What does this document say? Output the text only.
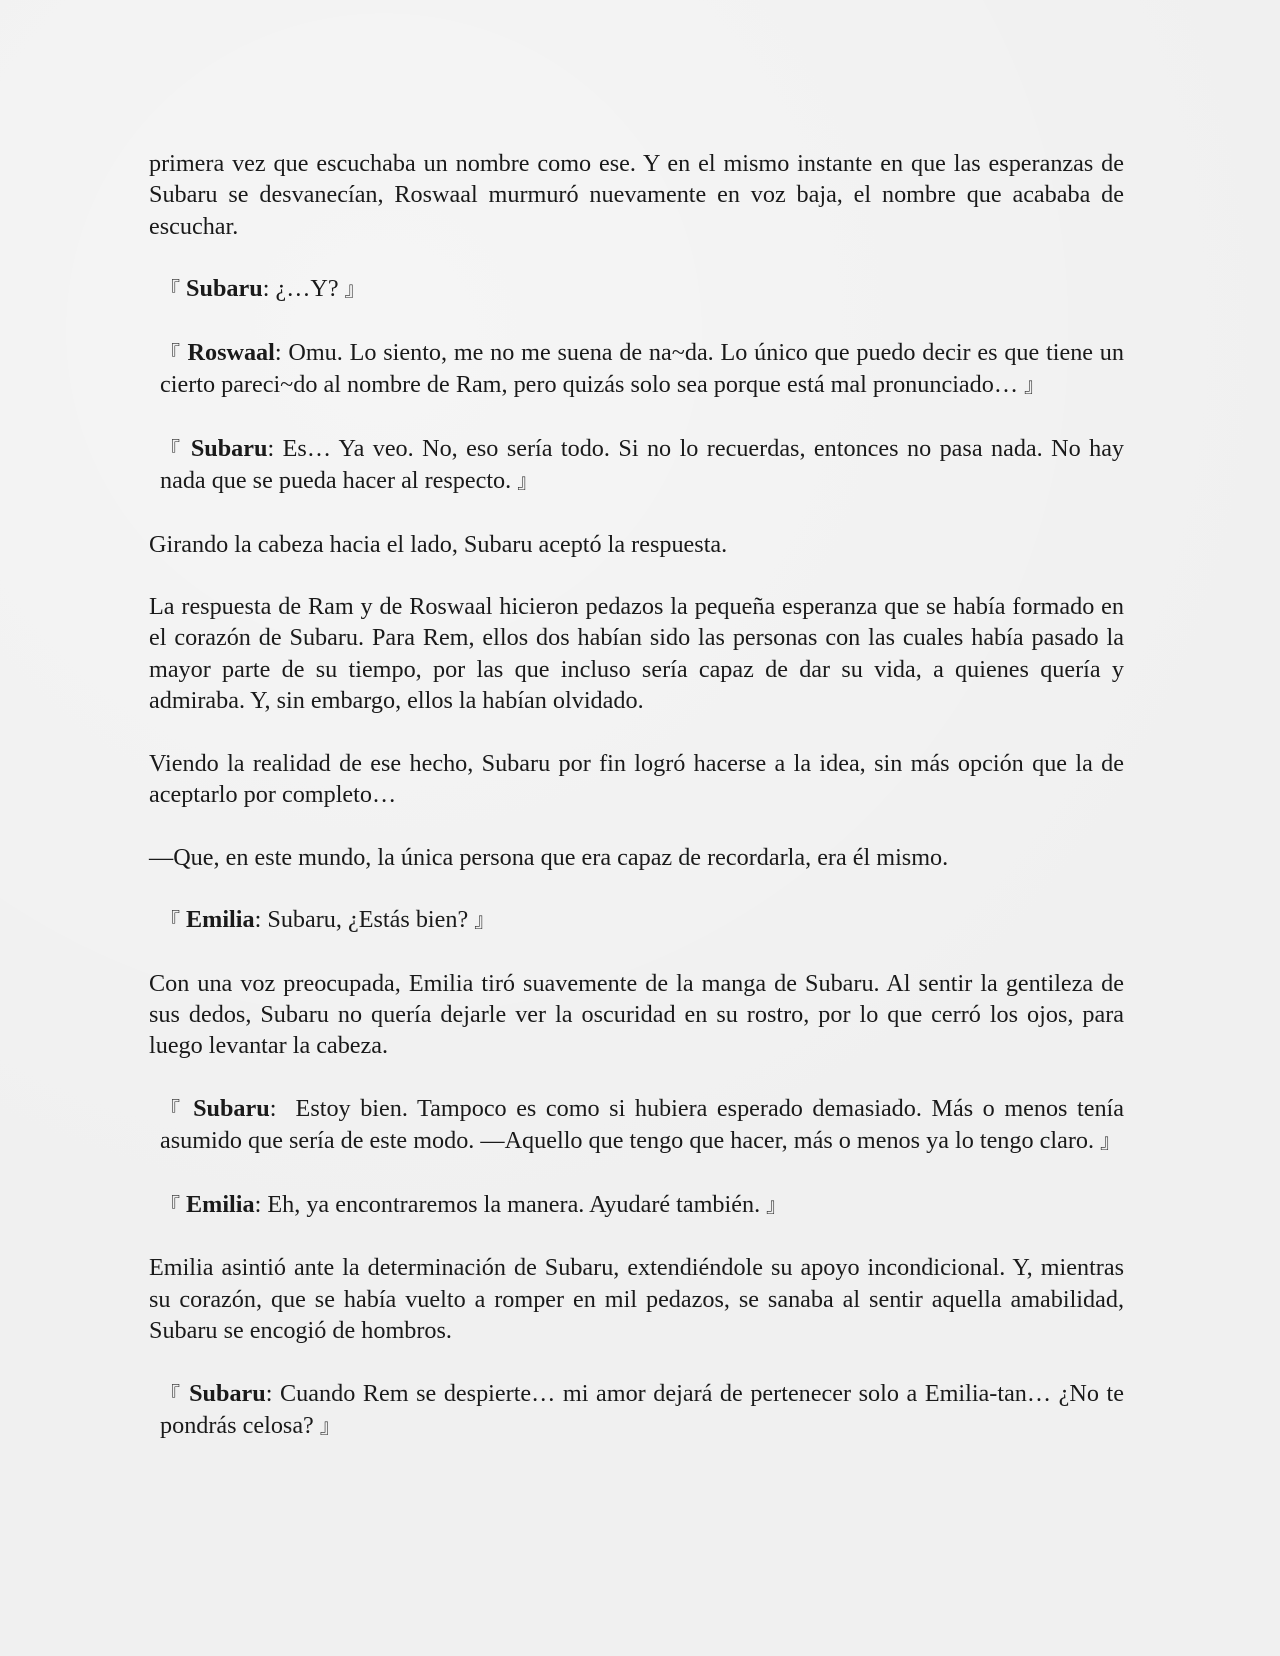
primera vez que escuchaba un nombre como ese. Y en el mismo instante en que las esperanzas de Subaru se desvanecían, Roswaal murmuró nuevamente en voz baja, el nombre que acababa de escuchar.

『 Subaru: ¿…Y? 』

『 Roswaal: Omu. Lo siento, me no me suena de na~da. Lo único que puedo decir es que tiene un cierto pareci~do al nombre de Ram, pero quizás solo sea porque está mal pronunciado… 』

『 Subaru: Es… Ya veo. No, eso sería todo. Si no lo recuerdas, entonces no pasa nada. No hay nada que se pueda hacer al respecto. 』

Girando la cabeza hacia el lado, Subaru aceptó la respuesta.

La respuesta de Ram y de Roswaal hicieron pedazos la pequeña esperanza que se había formado en el corazón de Subaru. Para Rem, ellos dos habían sido las personas con las cuales había pasado la mayor parte de su tiempo, por las que incluso sería capaz de dar su vida, a quienes quería y admiraba. Y, sin embargo, ellos la habían olvidado.

Viendo la realidad de ese hecho, Subaru por fin logró hacerse a la idea, sin más opción que la de aceptarlo por completo…

—Que, en este mundo, la única persona que era capaz de recordarla, era él mismo.

『 Emilia: Subaru, ¿Estás bien? 』

Con una voz preocupada, Emilia tiró suavemente de la manga de Subaru. Al sentir la gentileza de sus dedos, Subaru no quería dejarle ver la oscuridad en su rostro, por lo que cerró los ojos, para luego levantar la cabeza.

『 Subaru:  Estoy bien. Tampoco es como si hubiera esperado demasiado. Más o menos tenía asumido que sería de este modo. —Aquello que tengo que hacer, más o menos ya lo tengo claro. 』

『 Emilia: Eh, ya encontraremos la manera. Ayudaré también. 』

Emilia asintió ante la determinación de Subaru, extendiéndole su apoyo incondicional. Y, mientras su corazón, que se había vuelto a romper en mil pedazos, se sanaba al sentir aquella amabilidad, Subaru se encogió de hombros.

『 Subaru: Cuando Rem se despierte… mi amor dejará de pertenecer solo a Emilia-tan… ¿No te pondrás celosa? 』
